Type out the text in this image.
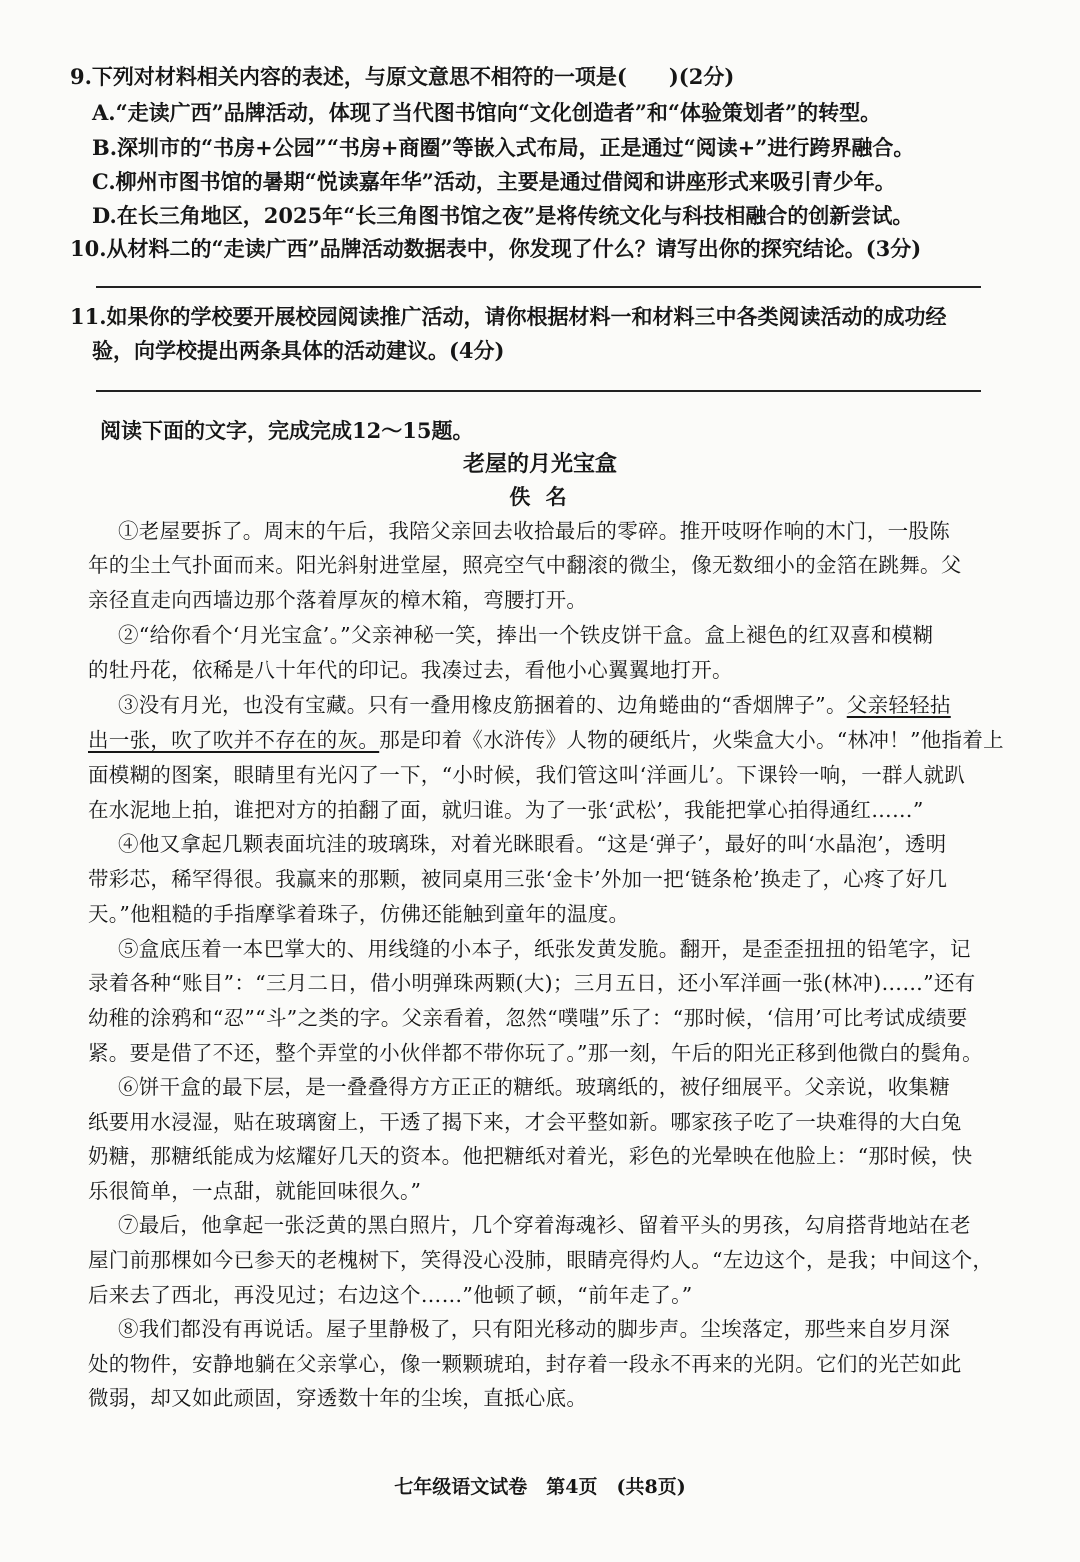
9.下列对材料相关内容的表述，与原文意思不相符的一项是(　　)(2分)

A.“走读广西”品牌活动，体现了当代图书馆向“文化创造者”和“体验策划者”的转型。

B.深圳市的“书房+公园”“书房+商圈”等嵌入式布局，正是通过“阅读+”进行跨界融合。

C.柳州市图书馆的暑期“悦读嘉年华”活动，主要是通过借阅和讲座形式来吸引青少年。

D.在长三角地区，2025年“长三角图书馆之夜”是将传统文化与科技相融合的创新尝试。

10.从材料二的“走读广西”品牌活动数据表中，你发现了什么？请写出你的探究结论。(3分)

11.如果你的学校要开展校园阅读推广活动，请你根据材料一和材料三中各类阅读活动的成功经

验，向学校提出两条具体的活动建议。(4分)

阅读下面的文字，完成完成12～15题。

老屋的月光宝盒

佚 名

①老屋要拆了。周末的午后，我陪父亲回去收拾最后的零碎。推开吱呀作响的木门，一股陈

年的尘土气扑面而来。阳光斜射进堂屋，照亮空气中翻滚的微尘，像无数细小的金箔在跳舞。父

亲径直走向西墙边那个落着厚灰的樟木箱，弯腰打开。

②“给你看个‘月光宝盒’。”父亲神秘一笑，捧出一个铁皮饼干盒。盒上褪色的红双喜和模糊

的牡丹花，依稀是八十年代的印记。我凑过去，看他小心翼翼地打开。

③没有月光，也没有宝藏。只有一叠用橡皮筋捆着的、边角蜷曲的“香烟牌子”。父亲轻轻拈

出一张，吹了吹并不存在的灰。那是印着《水浒传》人物的硬纸片，火柴盒大小。“林冲！”他指着上

面模糊的图案，眼睛里有光闪了一下，“小时候，我们管这叫‘洋画儿’。下课铃一响，一群人就趴

在水泥地上拍，谁把对方的拍翻了面，就归谁。为了一张‘武松’，我能把掌心拍得通红……”

④他又拿起几颗表面坑洼的玻璃珠，对着光眯眼看。“这是‘弹子’，最好的叫‘水晶泡’，透明

带彩芯，稀罕得很。我赢来的那颗，被同桌用三张‘金卡’外加一把‘链条枪’换走了，心疼了好几

天。”他粗糙的手指摩挲着珠子，仿佛还能触到童年的温度。

⑤盒底压着一本巴掌大的、用线缝的小本子，纸张发黄发脆。翻开，是歪歪扭扭的铅笔字，记

录着各种“账目”：“三月二日，借小明弹珠两颗(大)；三月五日，还小军洋画一张(林冲)……”还有

幼稚的涂鸦和“忍”“斗”之类的字。父亲看着，忽然“噗嗤”乐了：“那时候，‘信用’可比考试成绩要

紧。要是借了不还，整个弄堂的小伙伴都不带你玩了。”那一刻，午后的阳光正移到他微白的鬓角。

⑥饼干盒的最下层，是一叠叠得方方正正的糖纸。玻璃纸的，被仔细展平。父亲说，收集糖

纸要用水浸湿，贴在玻璃窗上，干透了揭下来，才会平整如新。哪家孩子吃了一块难得的大白兔

奶糖，那糖纸能成为炫耀好几天的资本。他把糖纸对着光，彩色的光晕映在他脸上：“那时候，快

乐很简单，一点甜，就能回味很久。”

⑦最后，他拿起一张泛黄的黑白照片，几个穿着海魂衫、留着平头的男孩，勾肩搭背地站在老

屋门前那棵如今已参天的老槐树下，笑得没心没肺，眼睛亮得灼人。“左边这个，是我；中间这个，

后来去了西北，再没见过；右边这个……”他顿了顿，“前年走了。”

⑧我们都没有再说话。屋子里静极了，只有阳光移动的脚步声。尘埃落定，那些来自岁月深

处的物件，安静地躺在父亲掌心，像一颗颗琥珀，封存着一段永不再来的光阴。它们的光芒如此

微弱，却又如此顽固，穿透数十年的尘埃，直抵心底。

七年级语文试卷　第4页　(共8页)
